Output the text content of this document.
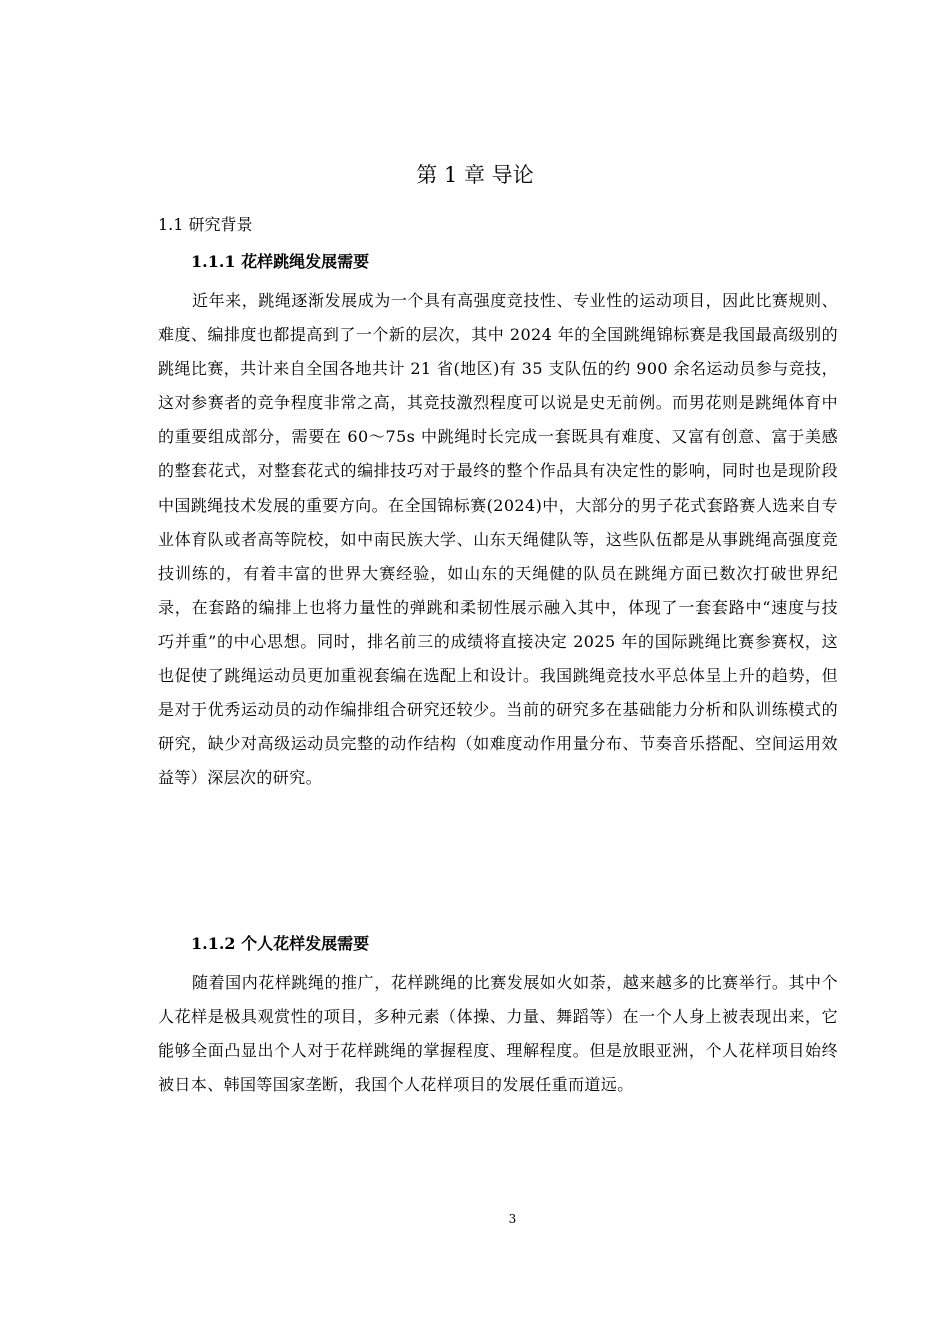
第 1 章 导论
1.1 研究背景
1.1.1 花样跳绳发展需要

近年来，跳绳逐渐发展成为一个具有高强度竞技性、专业性的运动项目，因此比赛规则、难度、编排度也都提高到了一个新的层次，其中 2024 年的全国跳绳锦标赛是我国最高级别的跳绳比赛，共计来自全国各地共计 21 省(地区)有 35 支队伍的约 900 余名运动员参与竞技，这对参赛者的竞争程度非常之高，其竞技激烈程度可以说是史无前例。而男花则是跳绳体育中的重要组成部分，需要在 60～75s 中跳绳时长完成一套既具有难度、又富有创意、富于美感的整套花式，对整套花式的编排技巧对于最终的整个作品具有决定性的影响，同时也是现阶段中国跳绳技术发展的重要方向。在全国锦标赛(2024)中，大部分的男子花式套路赛人选来自专业体育队或者高等院校，如中南民族大学、山东天绳健队等，这些队伍都是从事跳绳高强度竞技训练的，有着丰富的世界大赛经验，如山东的天绳健的队员在跳绳方面已数次打破世界纪录，在套路的编排上也将力量性的弹跳和柔韧性展示融入其中，体现了一套套路中“速度与技巧并重”的中心思想。同时，排名前三的成绩将直接决定 2025 年的国际跳绳比赛参赛权，这也促使了跳绳运动员更加重视套编在选配上和设计。我国跳绳竞技水平总体呈上升的趋势，但是对于优秀运动员的动作编排组合研究还较少。当前的研究多在基础能力分析和队训练模式的研究，缺少对高级运动员完整的动作结构（如难度动作用量分布、节奏音乐搭配、空间运用效益等）深层次的研究。

1.1.2 个人花样发展需要

随着国内花样跳绳的推广，花样跳绳的比赛发展如火如荼，越来越多的比赛举行。其中个人花样是极具观赏性的项目，多种元素（体操、力量、舞蹈等）在一个人身上被表现出来，它能够全面凸显出个人对于花样跳绳的掌握程度、理解程度。但是放眼亚洲，个人花样项目始终被日本、韩国等国家垄断，我国个人花样项目的发展任重而道远。

3
